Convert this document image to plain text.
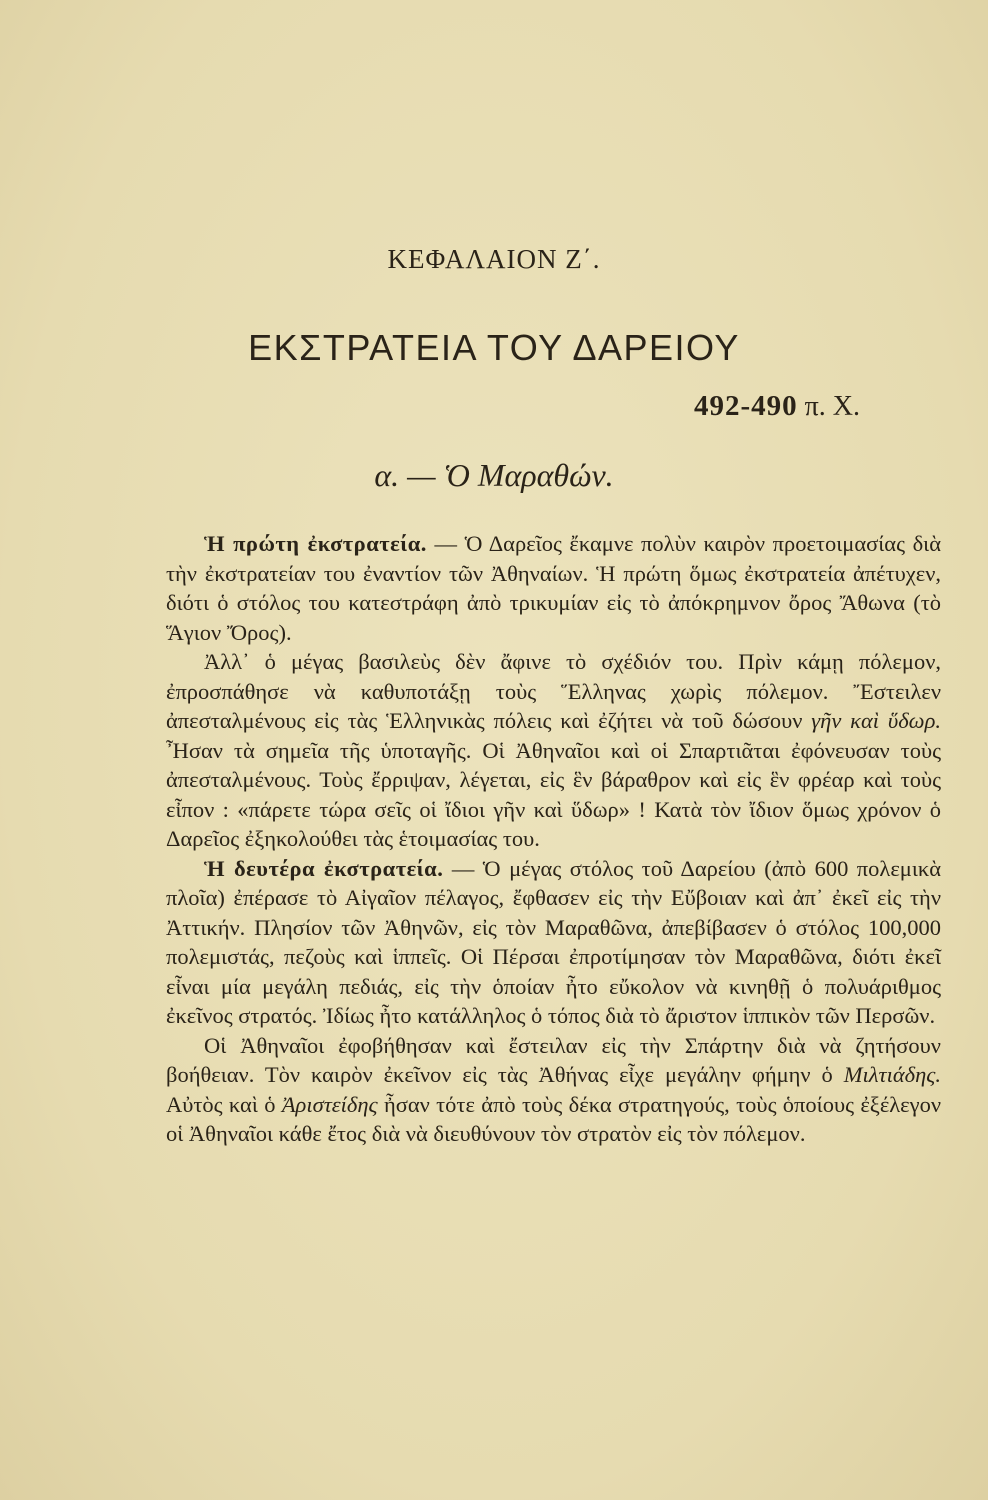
ΚΕΦΑΛΑΙΟΝ Ζ΄.
ΕΚΣΤΡΑΤΕΙΑ ΤΟΥ ΔΑΡΕΙΟΥ
492-490 π. Χ.
α. — Ὁ Μαραθών.

Ἡ πρώτη ἐκστρατεία. — Ὁ Δαρεῖος ἔκαμνε πολὺν καιρὸν προετοιμασίας διὰ τὴν ἐκστρατείαν του ἐναντίον τῶν Ἀθηναίων. Ἡ πρώτη ὅμως ἐκστρατεία ἀπέτυχεν, διότι ὁ στόλος του κατεστράφη ἀπὸ τρικυμίαν εἰς τὸ ἀπόκρημνον ὄρος Ἄθωνα (τὸ Ἅγιον Ὄρος).

Ἀλλ᾿ ὁ μέγας βασιλεὺς δὲν ἄφινε τὸ σχέδιόν του. Πρὶν κάμῃ πόλεμον, ἐπροσπάθησε νὰ καθυποτάξῃ τοὺς Ἕλληνας χωρὶς πόλεμον. Ἔστειλεν ἀπεσταλμένους εἰς τὰς Ἑλληνικὰς πόλεις καὶ ἐζήτει νὰ τοῦ δώσουν γῆν καὶ ὕδωρ. Ἦσαν τὰ σημεῖα τῆς ὑποταγῆς. Οἱ Ἀθηναῖοι καὶ οἱ Σπαρτιᾶται ἐφόνευσαν τοὺς ἀπεσταλμένους. Τοὺς ἔρριψαν, λέγεται, εἰς ἓν βάραθρον καὶ εἰς ἓν φρέαρ καὶ τοὺς εἶπον : «πάρετε τώρα σεῖς οἱ ἴδιοι γῆν καὶ ὕδωρ» ! Κατὰ τὸν ἴδιον ὅμως χρόνον ὁ Δαρεῖος ἐξηκολούθει τὰς ἑτοιμασίας του.

Ἡ δευτέρα ἐκστρατεία. — Ὁ μέγας στόλος τοῦ Δαρείου (ἀπὸ 600 πολεμικὰ πλοῖα) ἐπέρασε τὸ Αἰγαῖον πέλαγος, ἔφθασεν εἰς τὴν Εὔβοιαν καὶ ἀπ᾿ ἐκεῖ εἰς τὴν Ἀττικήν. Πλησίον τῶν Ἀθηνῶν, εἰς τὸν Μαραθῶνα, ἀπεβίβασεν ὁ στόλος 100,000 πολεμιστάς, πεζοὺς καὶ ἱππεῖς. Οἱ Πέρσαι ἐπροτίμησαν τὸν Μαραθῶνα, διότι ἐκεῖ εἶναι μία μεγάλη πεδιάς, εἰς τὴν ὁποίαν ἦτο εὔκολον νὰ κινηθῇ ὁ πολυάριθμος ἐκεῖνος στρατός. Ἰδίως ἦτο κατάλληλος ὁ τόπος διὰ τὸ ἄριστον ἱππικὸν τῶν Περσῶν.

Οἱ Ἀθηναῖοι ἐφοβήθησαν καὶ ἔστειλαν εἰς τὴν Σπάρτην διὰ νὰ ζητήσουν βοήθειαν. Τὸν καιρὸν ἐκεῖνον εἰς τὰς Ἀθήνας εἶχε μεγάλην φήμην ὁ Μιλτιάδης. Αὐτὸς καὶ ὁ Ἀριστείδης ἦσαν τότε ἀπὸ τοὺς δέκα στρατηγούς, τοὺς ὁποίους ἐξέλεγον οἱ Ἀθηναῖοι κάθε ἔτος διὰ νὰ διευθύνουν τὸν στρατὸν εἰς τὸν πόλεμον.
